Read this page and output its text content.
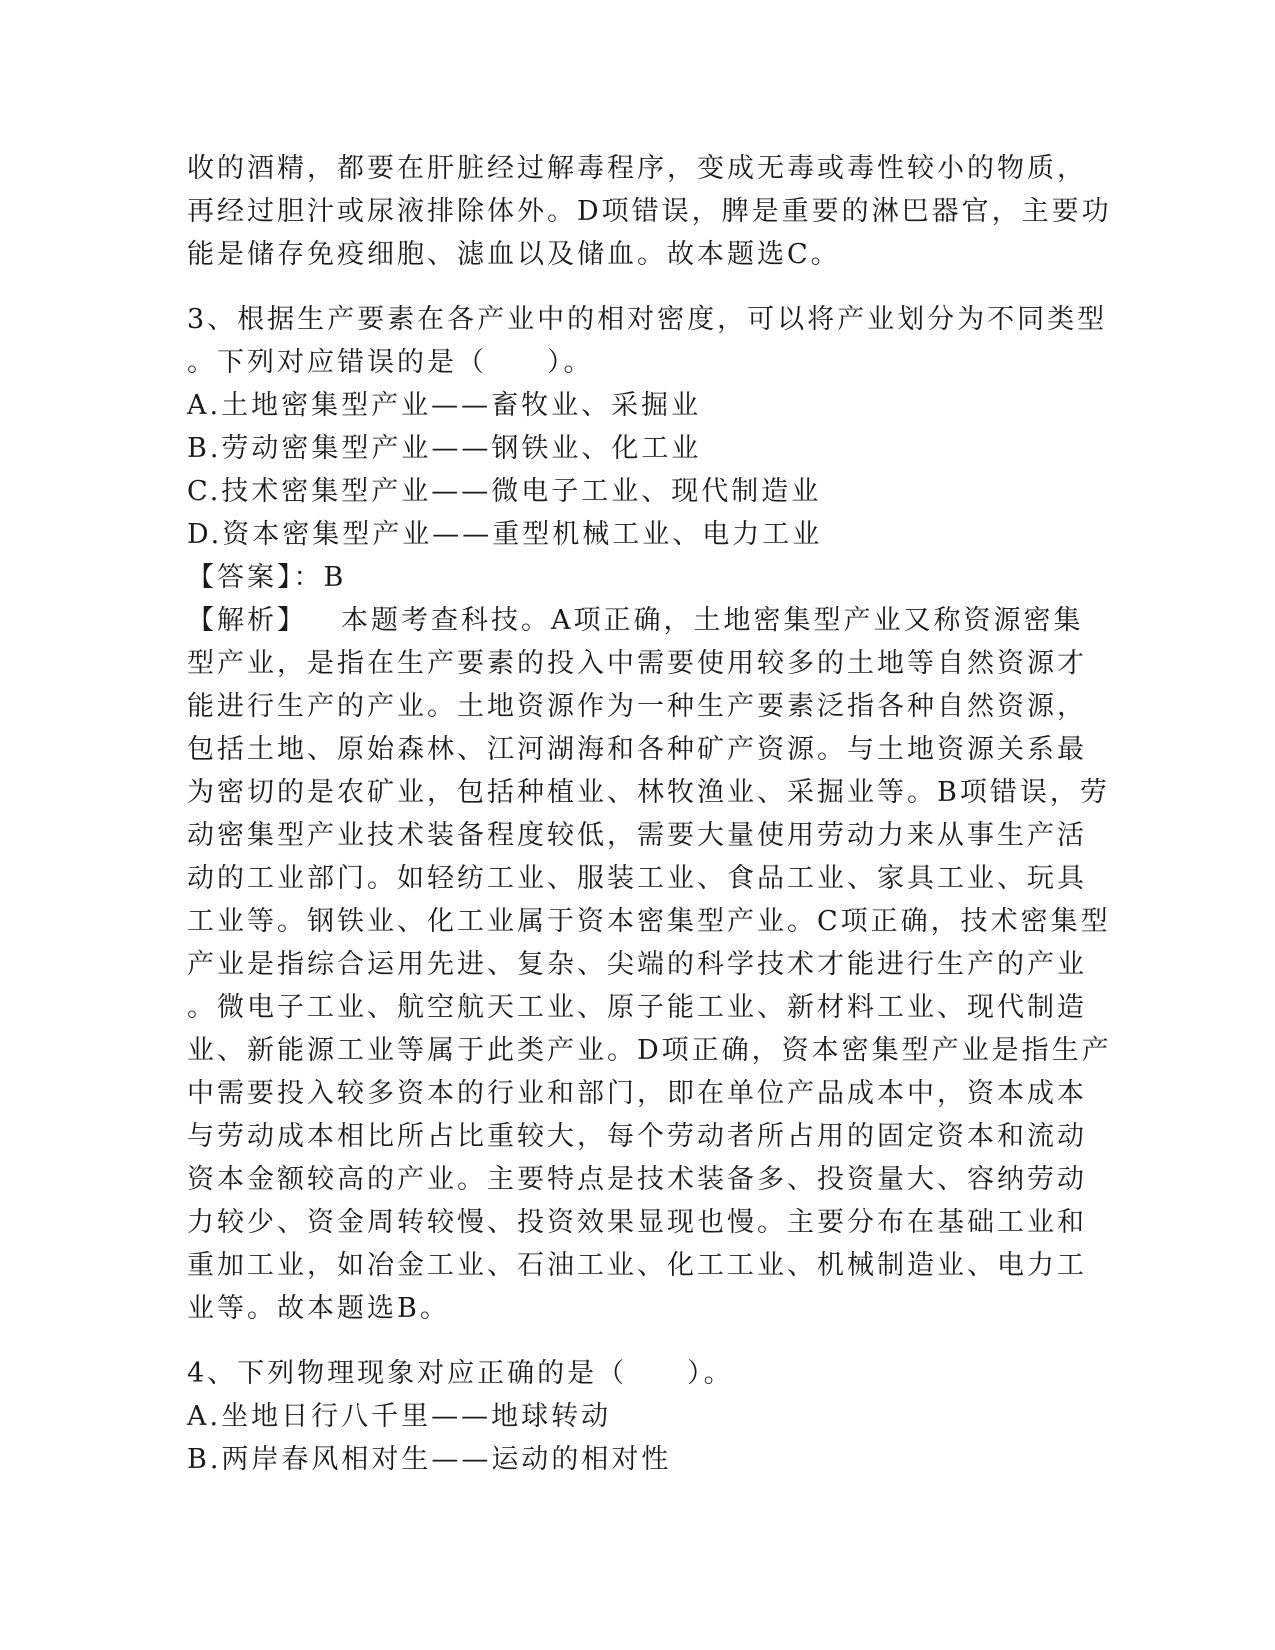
收的酒精，都要在肝脏经过解毒程序，变成无毒或毒性较小的物质，
再经过胆汁或尿液排除体外。D项错误，脾是重要的淋巴器官，主要功
能是储存免疫细胞、滤血以及储血。故本题选C。
3、根据生产要素在各产业中的相对密度，可以将产业划分为不同类型
。下列对应错误的是（　　）。
A.土地密集型产业——畜牧业、采掘业
B.劳动密集型产业——钢铁业、化工业
C.技术密集型产业——微电子工业、现代制造业
D.资本密集型产业——重型机械工业、电力工业
【答案】：B
【解析】 本题考查科技。A项正确，土地密集型产业又称资源密集
型产业，是指在生产要素的投入中需要使用较多的土地等自然资源才
能进行生产的产业。土地资源作为一种生产要素泛指各种自然资源，
包括土地、原始森林、江河湖海和各种矿产资源。与土地资源关系最
为密切的是农矿业，包括种植业、林牧渔业、采掘业等。B项错误，劳
动密集型产业技术装备程度较低，需要大量使用劳动力来从事生产活
动的工业部门。如轻纺工业、服装工业、食品工业、家具工业、玩具
工业等。钢铁业、化工业属于资本密集型产业。C项正确，技术密集型
产业是指综合运用先进、复杂、尖端的科学技术才能进行生产的产业
。微电子工业、航空航天工业、原子能工业、新材料工业、现代制造
业、新能源工业等属于此类产业。D项正确，资本密集型产业是指生产
中需要投入较多资本的行业和部门，即在单位产品成本中，资本成本
与劳动成本相比所占比重较大，每个劳动者所占用的固定资本和流动
资本金额较高的产业。主要特点是技术装备多、投资量大、容纳劳动
力较少、资金周转较慢、投资效果显现也慢。主要分布在基础工业和
重加工业，如冶金工业、石油工业、化工工业、机械制造业、电力工
业等。故本题选B。
4、下列物理现象对应正确的是（　　）。
A.坐地日行八千里——地球转动
B.两岸春风相对生——运动的相对性
